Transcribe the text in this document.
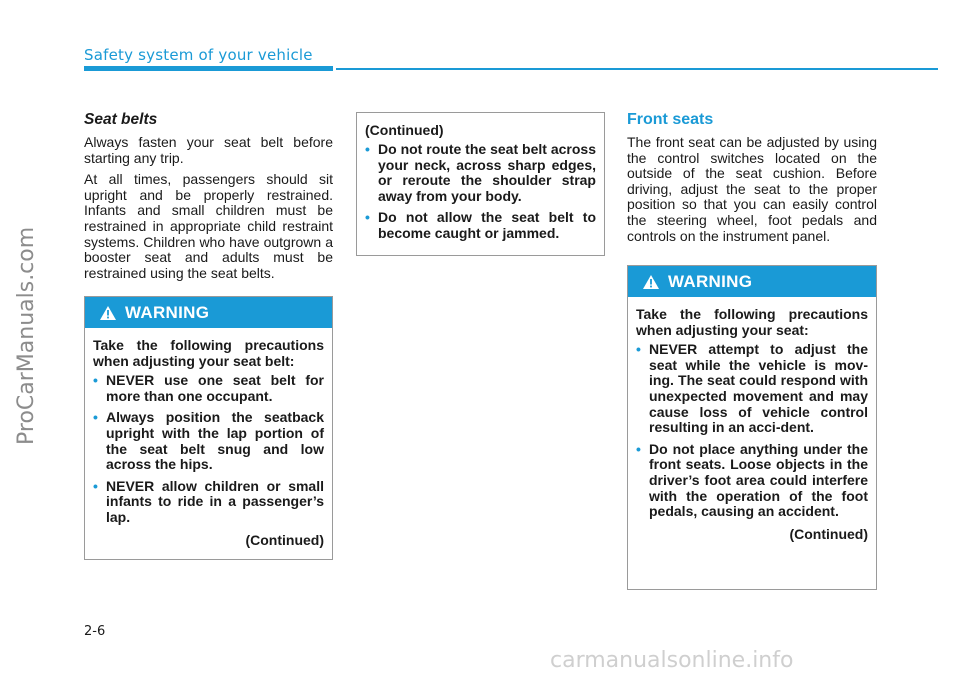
Safety system of your vehicle
ProCarManuals.com
Seat belts

Always fasten your seat belt before starting any trip.

At all times, passengers should sit upright and be properly restrained. Infants and small children must be restrained in appropriate child restraint systems. Children who have outgrown a booster seat and adults must be restrained using the seat belts.

WARNING

Take the following precautions when adjusting your seat belt:

• NEVER use one seat belt for more than one occupant.
• Always position the seatback upright with the lap portion of the seat belt snug and low across the hips.
• NEVER allow children or small infants to ride in a passenger’s lap.
(Continued)

(Continued)

• Do not route the seat belt across your neck, across sharp edges, or reroute the shoulder strap away from your body.
• Do not allow the seat belt to become caught or jammed.
Front seats

The front seat can be adjusted by using the control switches located on the outside of the seat cushion. Before driving, adjust the seat to the proper position so that you can easily control the steering wheel, foot pedals and controls on the instrument panel.

WARNING

Take the following precautions when adjusting your seat:

• NEVER attempt to adjust the seat while the vehicle is mov-ing. The seat could respond with unexpected movement and may cause loss of vehicle control resulting in an acci-dent.
• Do not place anything under the front seats. Loose objects in the driver’s foot area could interfere with the operation of the foot pedals, causing an accident.
(Continued)
2-6
carmanualsonline.info
